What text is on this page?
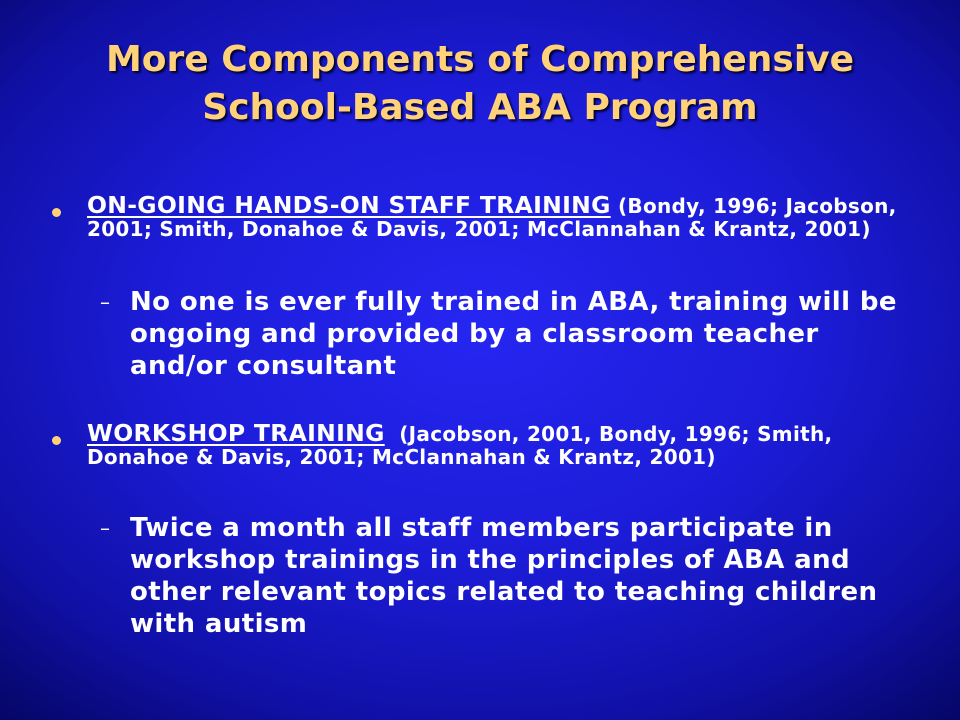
More Components of Comprehensive
School-Based ABA Program
ON-GOING HANDS-ON STAFF TRAINING (Bondy, 1996; Jacobson, 2001; Smith, Donahoe & Davis, 2001; McClannahan & Krantz, 2001)
– No one is ever fully trained in ABA, training will be ongoing and provided by a classroom teacher and/or consultant
WORKSHOP TRAINING (Jacobson, 2001, Bondy, 1996; Smith, Donahoe & Davis, 2001; McClannahan & Krantz, 2001)
– Twice a month all staff members participate in workshop trainings in the principles of ABA and other relevant topics related to teaching children with autism
